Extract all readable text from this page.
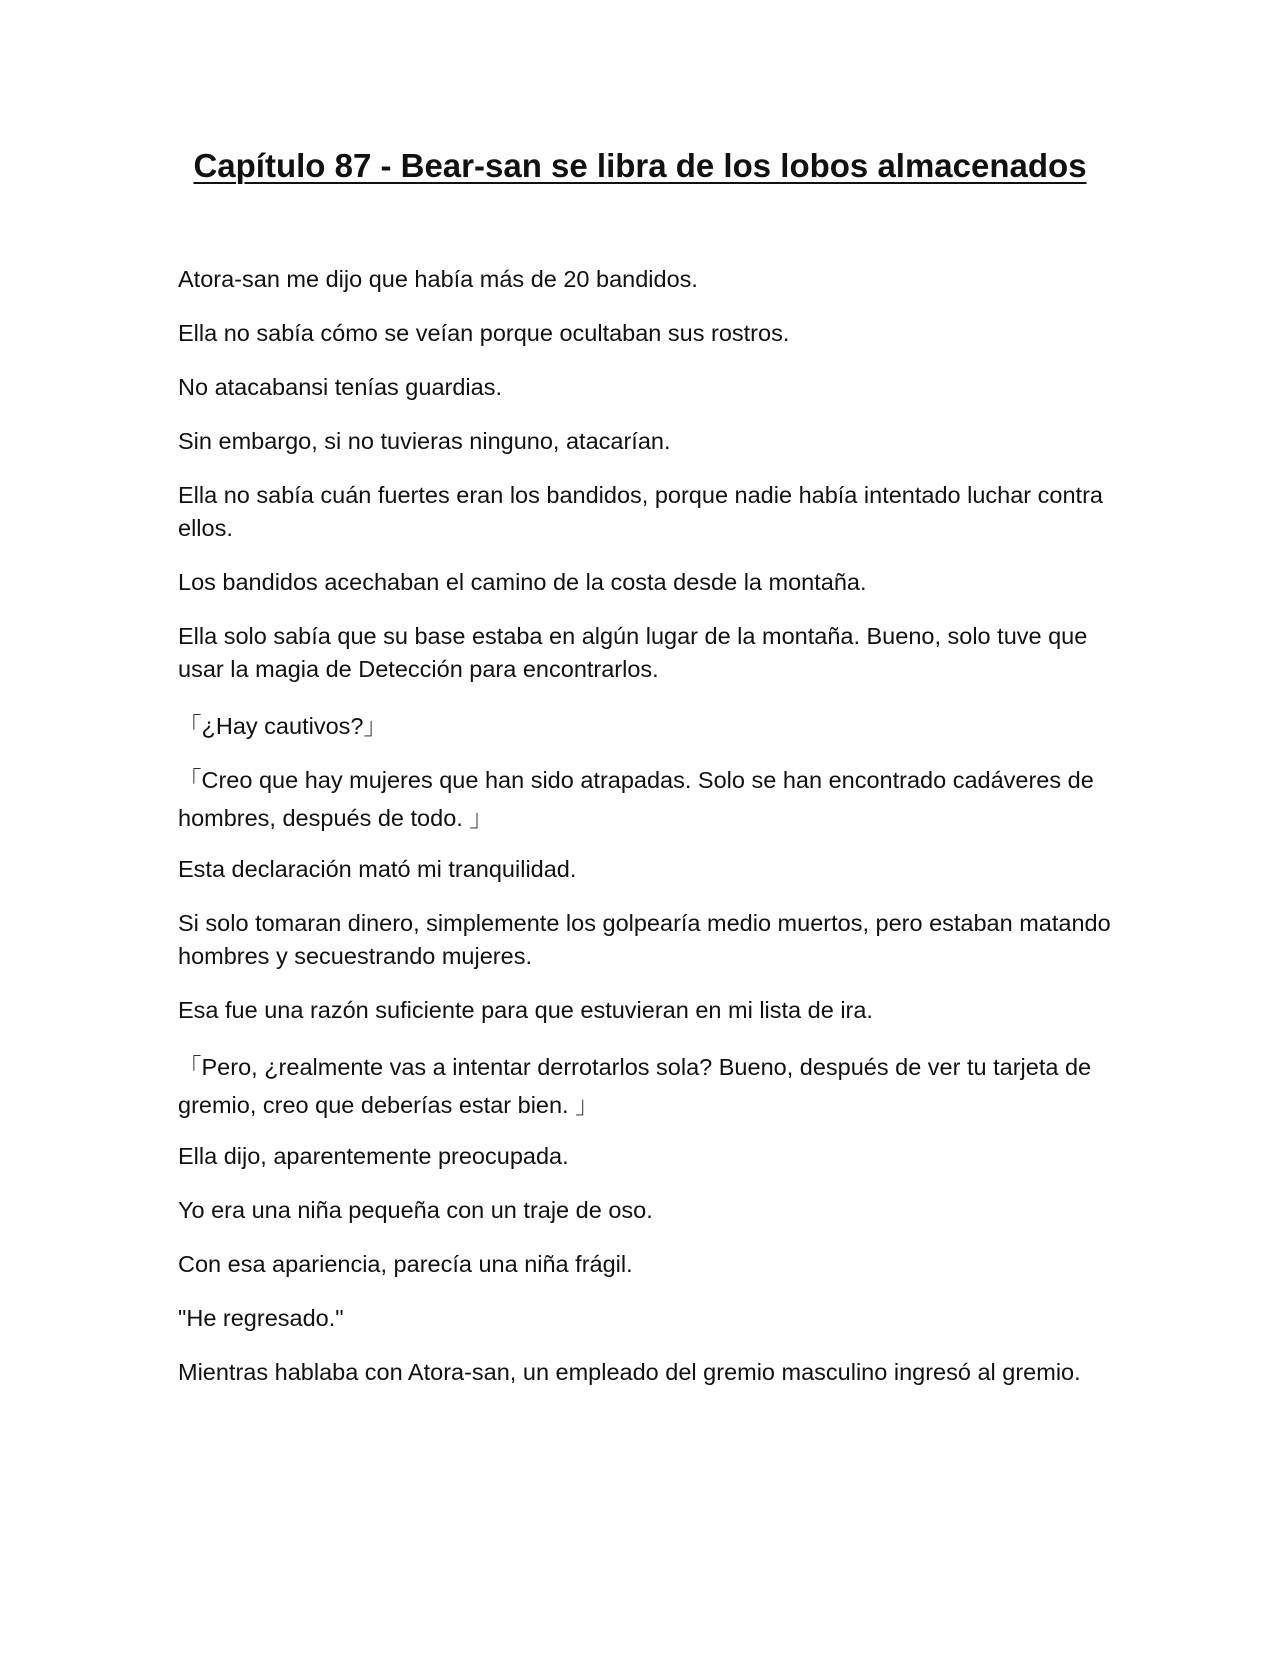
Capítulo 87 - Bear-san se libra de los lobos almacenados

Atora-san me dijo que había más de 20 bandidos.

Ella no sabía cómo se veían porque ocultaban sus rostros.

No atacabansi tenías guardias.

Sin embargo, si no tuvieras ninguno, atacarían.

Ella no sabía cuán fuertes eran los bandidos, porque nadie había intentado luchar contra ellos.

Los bandidos acechaban el camino de la costa desde la montaña.

Ella solo sabía que su base estaba en algún lugar de la montaña. Bueno, solo tuve que usar la magia de Detección para encontrarlos.

「¿Hay cautivos?」

「Creo que hay mujeres que han sido atrapadas. Solo se han encontrado cadáveres de hombres, después de todo. 」

Esta declaración mató mi tranquilidad.

Si solo tomaran dinero, simplemente los golpearía medio muertos, pero estaban matando hombres y secuestrando mujeres.

Esa fue una razón suficiente para que estuvieran en mi lista de ira.

「Pero, ¿realmente vas a intentar derrotarlos sola? Bueno, después de ver tu tarjeta de gremio, creo que deberías estar bien. 」

Ella dijo, aparentemente preocupada.

Yo era una niña pequeña con un traje de oso.

Con esa apariencia, parecía una niña frágil.

"He regresado."

Mientras hablaba con Atora-san, un empleado del gremio masculino ingresó al gremio.
